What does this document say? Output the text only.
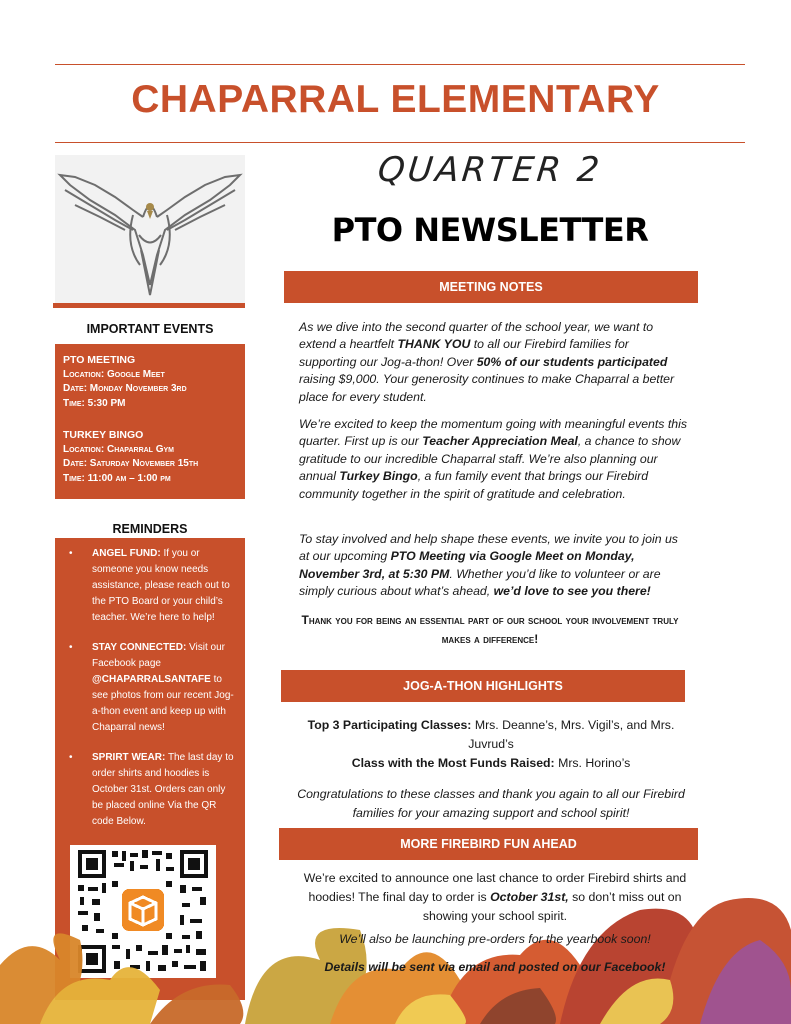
CHAPARRAL ELEMENTARY
IMPORTANT EVENTS
PTO MEETING
Location: Google Meet
Date: Monday November 3rd
Time: 5:30 PM
TURKEY BINGO
Location: Chaparral Gym
Date: Saturday November 15th
Time: 11:00 am – 1:00 pm
REMINDERS
• ANGEL FUND: If you or someone you know needs assistance, please reach out to the PTO Board or your child’s teacher. We’re here to help!
• STAY CONNECTED: Visit our Facebook page @CHAPARRALSANTAFE to see photos from our recent Jog-a-thon event and keep up with Chaparral news!
• SPRIRT WEAR: The last day to order shirts and hoodies is October 31st. Orders can only be placed online Via the QR code Below.
QUARTER 2
PTO NEWSLETTER
MEETING NOTES
As we dive into the second quarter of the school year, we want to extend a heartfelt THANK YOU to all our Firebird families for supporting our Jog-a-thon! Over 50% of our students participated raising $9,000. Your generosity continues to make Chaparral a better place for every student.
We’re excited to keep the momentum going with meaningful events this quarter. First up is our Teacher Appreciation Meal, a chance to show gratitude to our incredible Chaparral staff. We’re also planning our annual Turkey Bingo, a fun family event that brings our Firebird community together in the spirit of gratitude and celebration.
To stay involved and help shape these events, we invite you to join us at our upcoming PTO Meeting via Google Meet on Monday, November 3rd, at 5:30 PM. Whether you’d like to volunteer or are simply curious about what’s ahead, we’d love to see you there!
Thank you for being an essential part of our school your involvement truly makes a difference!
JOG-A-THON HIGHLIGHTS
Top 3 Participating Classes: Mrs. Deanne’s, Mrs. Vigil’s, and Mrs. Juvrud’s
Class with the Most Funds Raised: Mrs. Horino’s
Congratulations to these classes and thank you again to all our Firebird families for your amazing support and school spirit!
MORE FIREBIRD FUN AHEAD
We’re excited to announce one last chance to order Firebird shirts and hoodies! The final day to order is October 31st, so don’t miss out on showing your school spirit.
We’ll also be launching pre-orders for the yearbook soon!
Details will be sent via email and posted on our Facebook!
